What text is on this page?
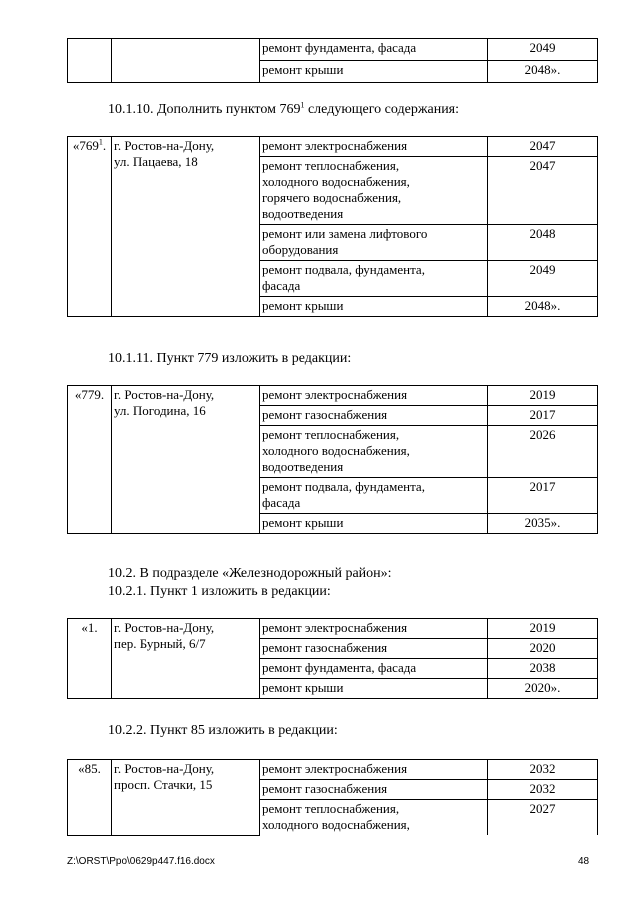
		ремонт фундамента, фасада	2049
		ремонт крыши	2048».
10.1.10. Дополнить пунктом $769^1$ следующего содержания:
«$769^1$.	г. Ростов-на-Дону,
ул. Пацаева, 18	ремонт электроснабжения	2047

		ремонт теплоснабжения,
холодного водоснабжения,
горячего водоснабжения,
водоотведения	2047

		ремонт или замена лифтового
оборудования	2048

		ремонт подвала, фундамента,
фасада	2049

		ремонт крыши	2048».
10.1.11. Пункт 779 изложить в редакции:
«779.	г. Ростов-на-Дону,
ул. Погодина, 16	ремонт электроснабжения	2019

		ремонт газоснабжения	2017

		ремонт теплоснабжения,
холодного водоснабжения,
водоотведения	2026

		ремонт подвала, фундамента,
фасада	2017

		ремонт крыши	2035».
10.2. В подразделе «Железнодорожный район»:
10.2.1. Пункт 1 изложить в редакции:
«1.	г. Ростов-на-Дону,
пер. Бурный, 6/7	ремонт электроснабжения	2019

		ремонт газоснабжения	2020

		ремонт фундамента, фасада	2038

		ремонт крыши	2020».
10.2.2. Пункт 85 изложить в редакции:
«85.	г. Ростов-на-Дону,
просп. Стачки, 15	ремонт электроснабжения	2032

		ремонт газоснабжения	2032

		ремонт теплоснабжения,
холодного водоснабжения,	2027
Z:\ORST\Ppo\0629p447.f16.docx	48
